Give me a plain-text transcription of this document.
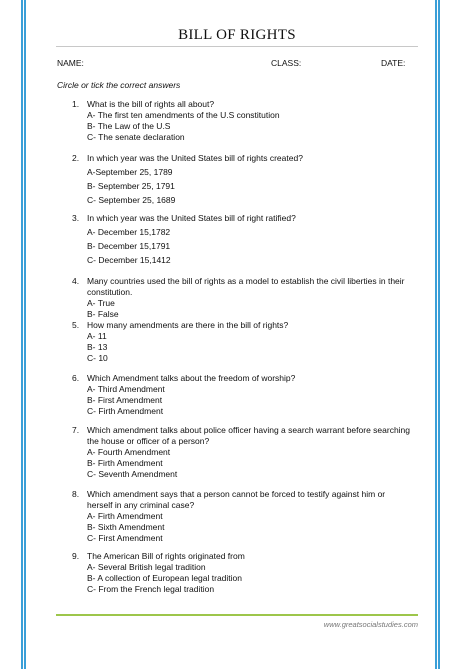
BILL OF RIGHTS
NAME:	CLASS:	DATE:
Circle or tick the correct answers
1. What is the bill of rights all about?
A- The first ten amendments of the U.S constitution
B- The Law of the U.S
C- The senate declaration
2. In which year was the United States bill of rights created?
A-September 25, 1789
B- September 25, 1791
C- September 25, 1689
3. In which year was the United States bill of right ratified?
A- December 15,1782
B- December 15,1791
C- December 15,1412
4. Many countries used the bill of rights as a model to establish the civil liberties in their constitution.
A- True
B- False
5. How many amendments are there in the bill of rights?
A- 11
B- 13
C- 10
6. Which Amendment talks about the freedom of worship?
A- Third Amendment
B- First Amendment
C- Firth Amendment
7. Which amendment talks about police officer having a search warrant before searching the house or officer of a person?
A- Fourth Amendment
B- Firth Amendment
C- Seventh Amendment
8. Which amendment says that a person cannot be forced to testify against him or herself in any criminal case?
A- Firth Amendment
B- Sixth Amendment
C- First Amendment
9. The American Bill of rights originated from
A- Several British legal tradition
B- A collection of European legal tradition
C- From the French legal tradition
www.greatsocialstudies.com
